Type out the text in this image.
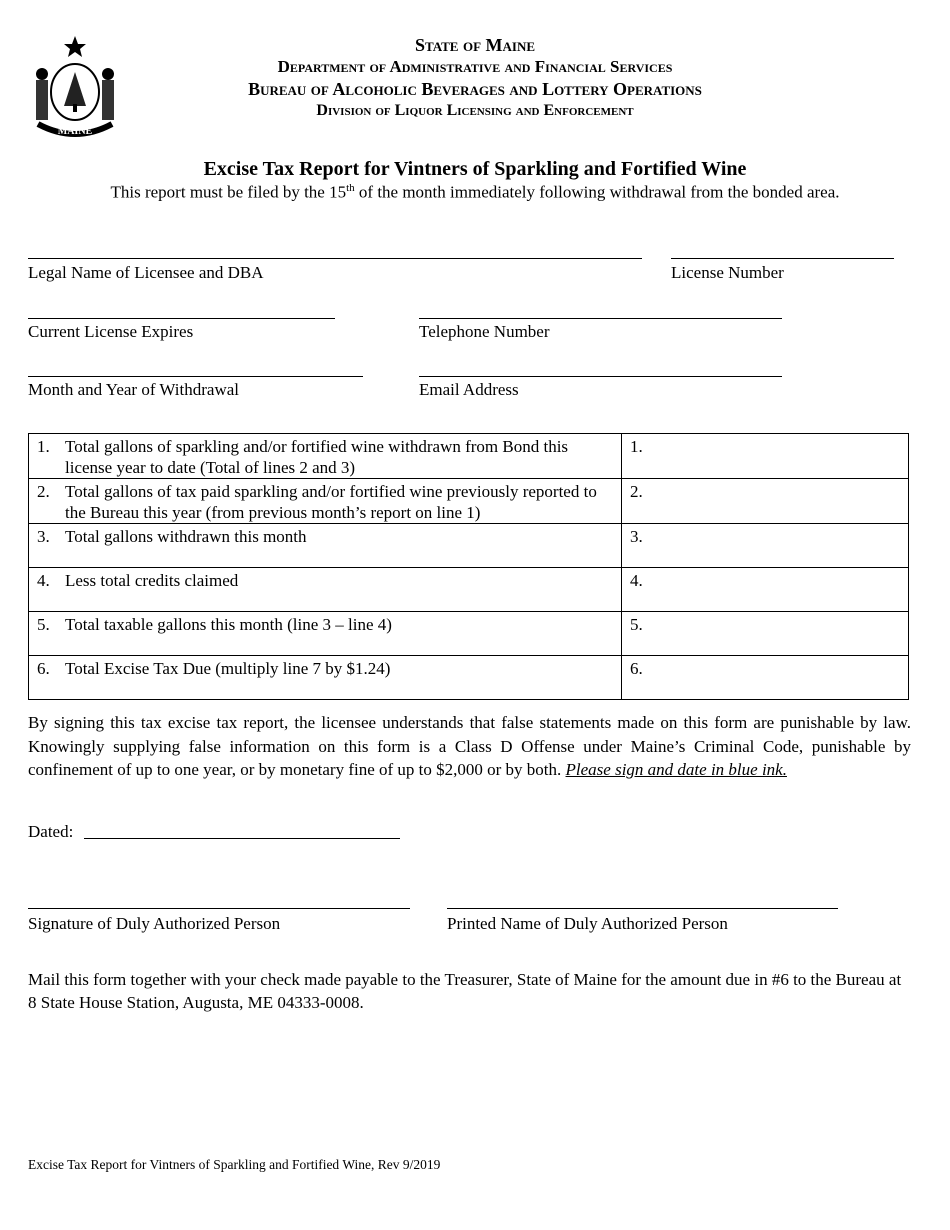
MAINE
State of Maine
Department of Administrative and Financial Services
Bureau of Alcoholic Beverages and Lottery Operations
Division of Liquor Licensing and Enforcement
Excise Tax Report for Vintners of Sparkling and Fortified Wine
This report must be filed by the 15th of the month immediately following withdrawal from the bonded area.
Legal Name of Licensee and DBA	License Number
Current License Expires	Telephone Number
Month and Year of Withdrawal	Email Address
1. Total gallons of sparkling and/or fortified wine withdrawn from Bond this license year to date (Total of lines 2 and 3)	1.

2. Total gallons of tax paid sparkling and/or fortified wine previously reported to the Bureau this year (from previous month’s report on line 1)	2.

3. Total gallons withdrawn this month	3.

4. Less total credits claimed	4.

5. Total taxable gallons this month (line 3 – line 4)	5.

6. Total Excise Tax Due (multiply line 7 by $1.24)	6.
By signing this tax excise tax report, the licensee understands that false statements made on this form are punishable by law. Knowingly supplying false information on this form is a Class D Offense under Maine’s Criminal Code, punishable by confinement of up to one year, or by monetary fine of up to $2,000 or by both. Please sign and date in blue ink.
Dated:
Signature of Duly Authorized Person	Printed Name of Duly Authorized Person
Mail this form together with your check made payable to the Treasurer, State of Maine for the amount due in #6 to the Bureau at 8 State House Station, Augusta, ME 04333-0008.
Excise Tax Report for Vintners of Sparkling and Fortified Wine, Rev 9/2019
